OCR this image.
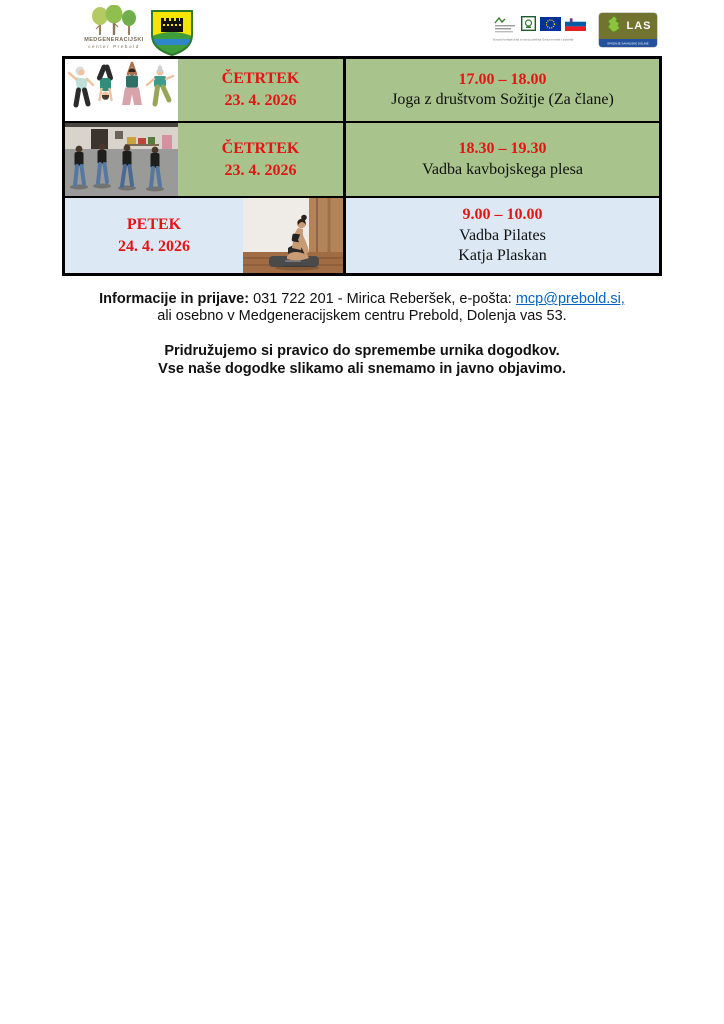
MEDGENERACIJSKI
center Prebold
Evropski kmetijski sklad za razvoj podeželja: Evropa investira v podeželje
LAS
SPODNJE SAVINJSKE DOLINE
ČETRTEK
23. 4. 2026
17.00 – 18.00
Joga z društvom Sožitje (Za člane)
ČETRTEK
23. 4. 2026
18.30 – 19.30
Vadba kavbojskega plesa
PETEK
24. 4. 2026
9.00 – 10.00
Vadba Pilates
Katja Plaskan
Informacije in prijave: 031 722 201 - Mirica Reberšek, e-pošta: mcp@prebold.si,
ali osebno v Medgeneracijskem centru Prebold, Dolenja vas 53.
Pridružujemo si pravico do spremembe urnika dogodkov.
Vse naše dogodke slikamo ali snemamo in javno objavimo.
